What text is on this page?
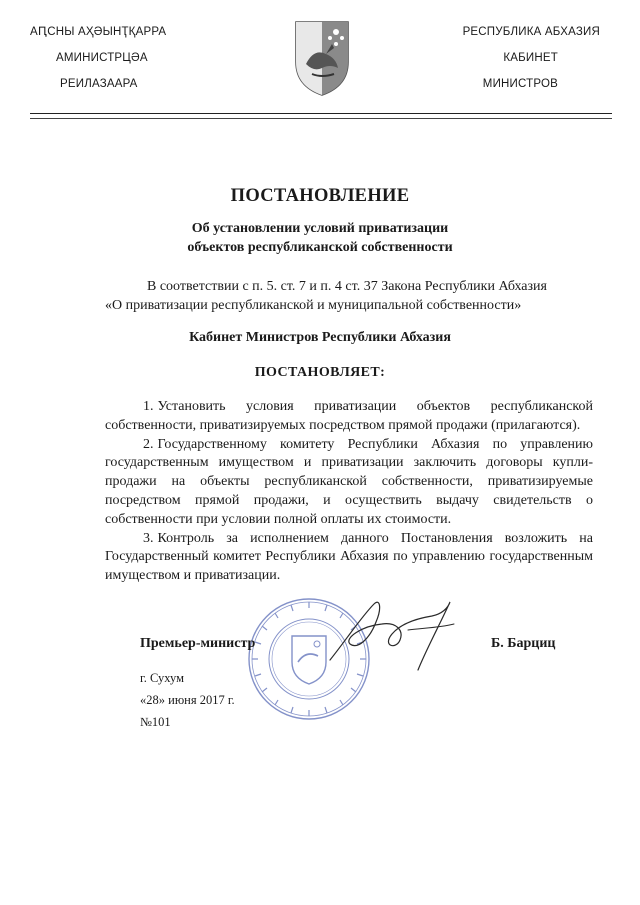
АԤСНЫ АҲӘЫНҬҚАРРА
АМИНИСТРЦӘА
РЕИЛАЗААРА
РЕСПУБЛИКА АБХАЗИЯ
КАБИНЕТ
МИНИСТРОВ
ПОСТАНОВЛЕНИЕ
Об установлении условий приватизации
объектов республиканской собственности
В соответствии с п. 5. ст. 7 и п. 4 ст. 37 Закона Республики Абхазия
«О приватизации республиканской и муниципальной собственности»
Кабинет Министров Республики Абхазия
ПОСТАНОВЛЯЕТ:

1. Установить условия приватизации объектов республиканской собственности, приватизируемых посредством прямой продажи (прилагаются).

2. Государственному комитету Республики Абхазия по управлению государственным имуществом и приватизации заключить договоры купли-продажи на объекты республиканской собственности, приватизируемые посредством прямой продажи, и осуществить выдачу свидетельств о собственности при условии полной оплаты их стоимости.

3. Контроль за исполнением данного Постановления возложить на Государственный комитет Республики Абхазия по управлению государственным имуществом и приватизации.

Премьер-министр	Б. Барциц
г. Сухум
«28» июня 2017 г.
№101
